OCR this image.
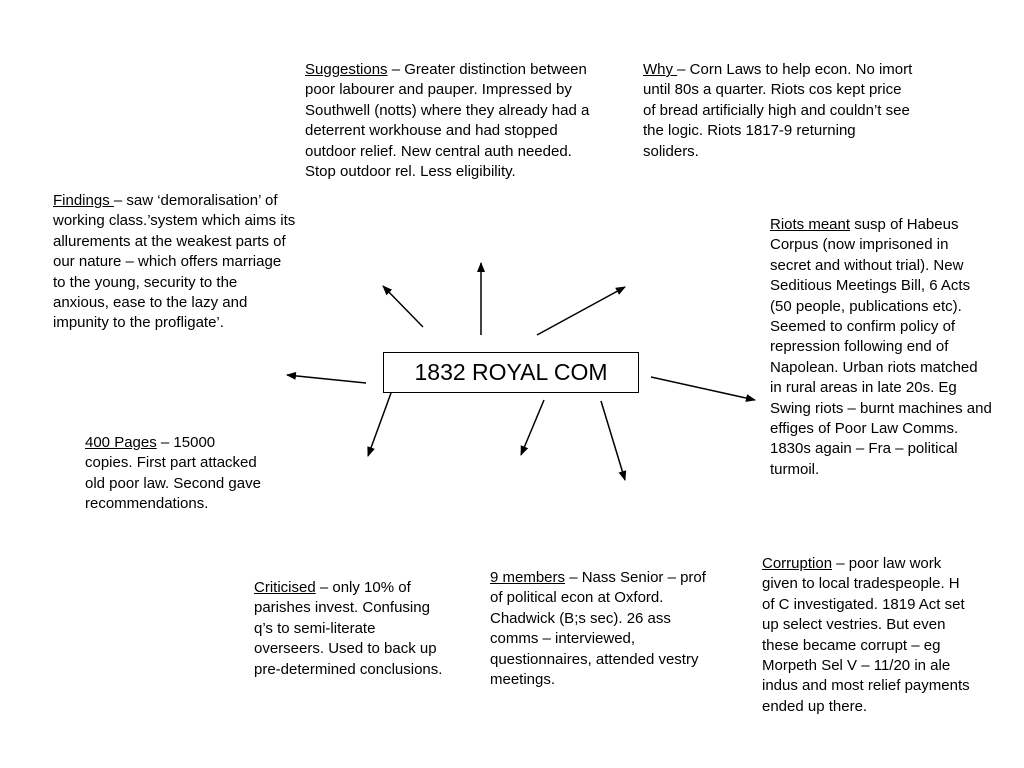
1832 ROYAL COM
Suggestions – Greater distinction between poor labourer and pauper. Impressed by Southwell (notts) where they already had a deterrent workhouse and had stopped outdoor relief. New central auth needed. Stop outdoor rel. Less eligibility.
Why – Corn Laws to help econ. No imort until 80s a quarter. Riots cos kept price of bread artificially high and couldn’t see the logic. Riots 1817-9 returning soliders.
Findings – saw ‘demoralisation’ of working class.’system which aims its allurements at the weakest parts of our nature – which offers marriage to the young, security to the anxious, ease to the lazy and impunity to the profligate’.
Riots meant susp of Habeus Corpus (now imprisoned in secret and without trial). New Seditious Meetings Bill, 6 Acts (50 people, publications etc). Seemed to confirm policy of repression following end of Napolean. Urban riots matched in rural areas in late 20s. Eg Swing riots – burnt machines and effiges of Poor Law Comms. 1830s again – Fra – political turmoil.
400 Pages – 15000 copies. First part attacked old poor law. Second gave recommendations.
Criticised – only 10% of parishes invest. Confusing q’s to semi-literate overseers. Used to back up pre-determined conclusions.
9 members – Nass Senior – prof of political econ at Oxford. Chadwick (B;s sec). 26 ass comms – interviewed, questionnaires, attended vestry meetings.
Corruption – poor law work given to local tradespeople. H of C investigated. 1819 Act set up select vestries. But even these became corrupt – eg Morpeth Sel V – 11/20 in ale indus and most relief payments ended up there.
